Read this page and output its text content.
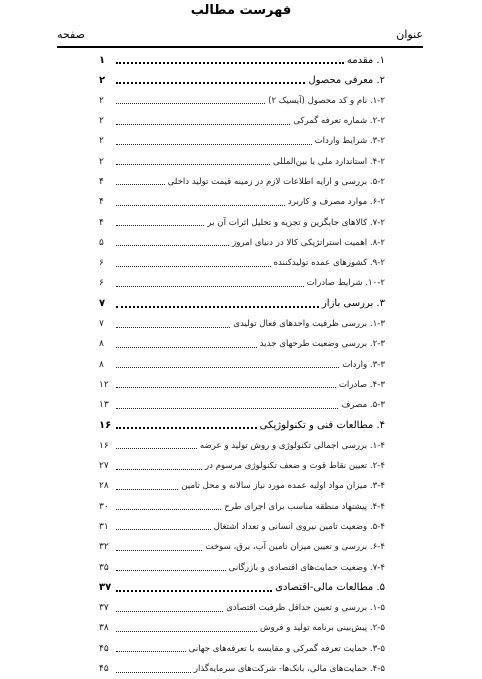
فهرست مطالب
عنوان
صفحه
۱. مقدمه
۱
۲. معرفی محصول
۲
۱-۲. نام و کد محصول (آیسیک ۲)
۲
۲-۲. شماره تعرفه گمرکی
۲
۳-۲. شرایط واردات
۲
۴-۲. استاندارد ملی یا بین‌المللی
۲
۵-۲. بررسی و ارایه اطلاعات لازم در زمینه قیمت تولید داخلی
۴
۶-۲. موارد مصرف و کاربرد
۴
۷-۲. کالاهای جایگزین و تجزیه و تحلیل اثرات آن بر
۴
۸-۲. اهمیت استراتژیکی کالا در دنیای امروز
۵
۹-۲. کشورهای عمده تولیدکننده
۶
۱۰-۲. شرایط صادرات
۶
۳. بررسی بازار
۷
۱-۳. بررسی ظرفیت واحدهای فعال تولیدی
۷
۲-۳. بررسی وضعیت طرحهای جدید
۸
۳-۳. واردات
۸
۴-۳. صادرات
۱۲
۵-۳. مصرف
۱۳
۴. مطالعات فنی و تکنولوژیکی
۱۶
۱-۴. بررسی اجمالی تکنولوژی و روش تولید و عرضه
۱۶
۲-۴. تعیین نقاط قوت و ضعف تکنولوژی مرسوم در
۲۷
۳-۴. میزان مواد اولیه عمده مورد نیاز سالانه و محل تامین
۲۸
۴-۴. پیشنهاد منطقه مناسب برای اجرای طرح
۳۰
۵-۴. وضعیت تامین نیروی انسانی و تعداد اشتغال
۳۱
۶-۴. بررسی و تعیین میزان تامین آب، برق، سوخت
۳۲
۷-۴. وضعیت حمایت‌های اقتصادی و بازرگانی
۳۵
۵. مطالعات مالی-اقتصادی
۳۷
۱-۵. بررسی و تعیین حداقل ظرفیت اقتصادی
۳۷
۲-۵. پیش‌بینی برنامه تولید و فروش
۳۸
۳-۵. حمایت تعرفه گمرکی و مقایسه با تعرفه‌های جهانی
۴۵
۴-۵. حمایت‌های مالی، بانک‌ها- شرکت‌های سرمایه‌گذار
۴۵
